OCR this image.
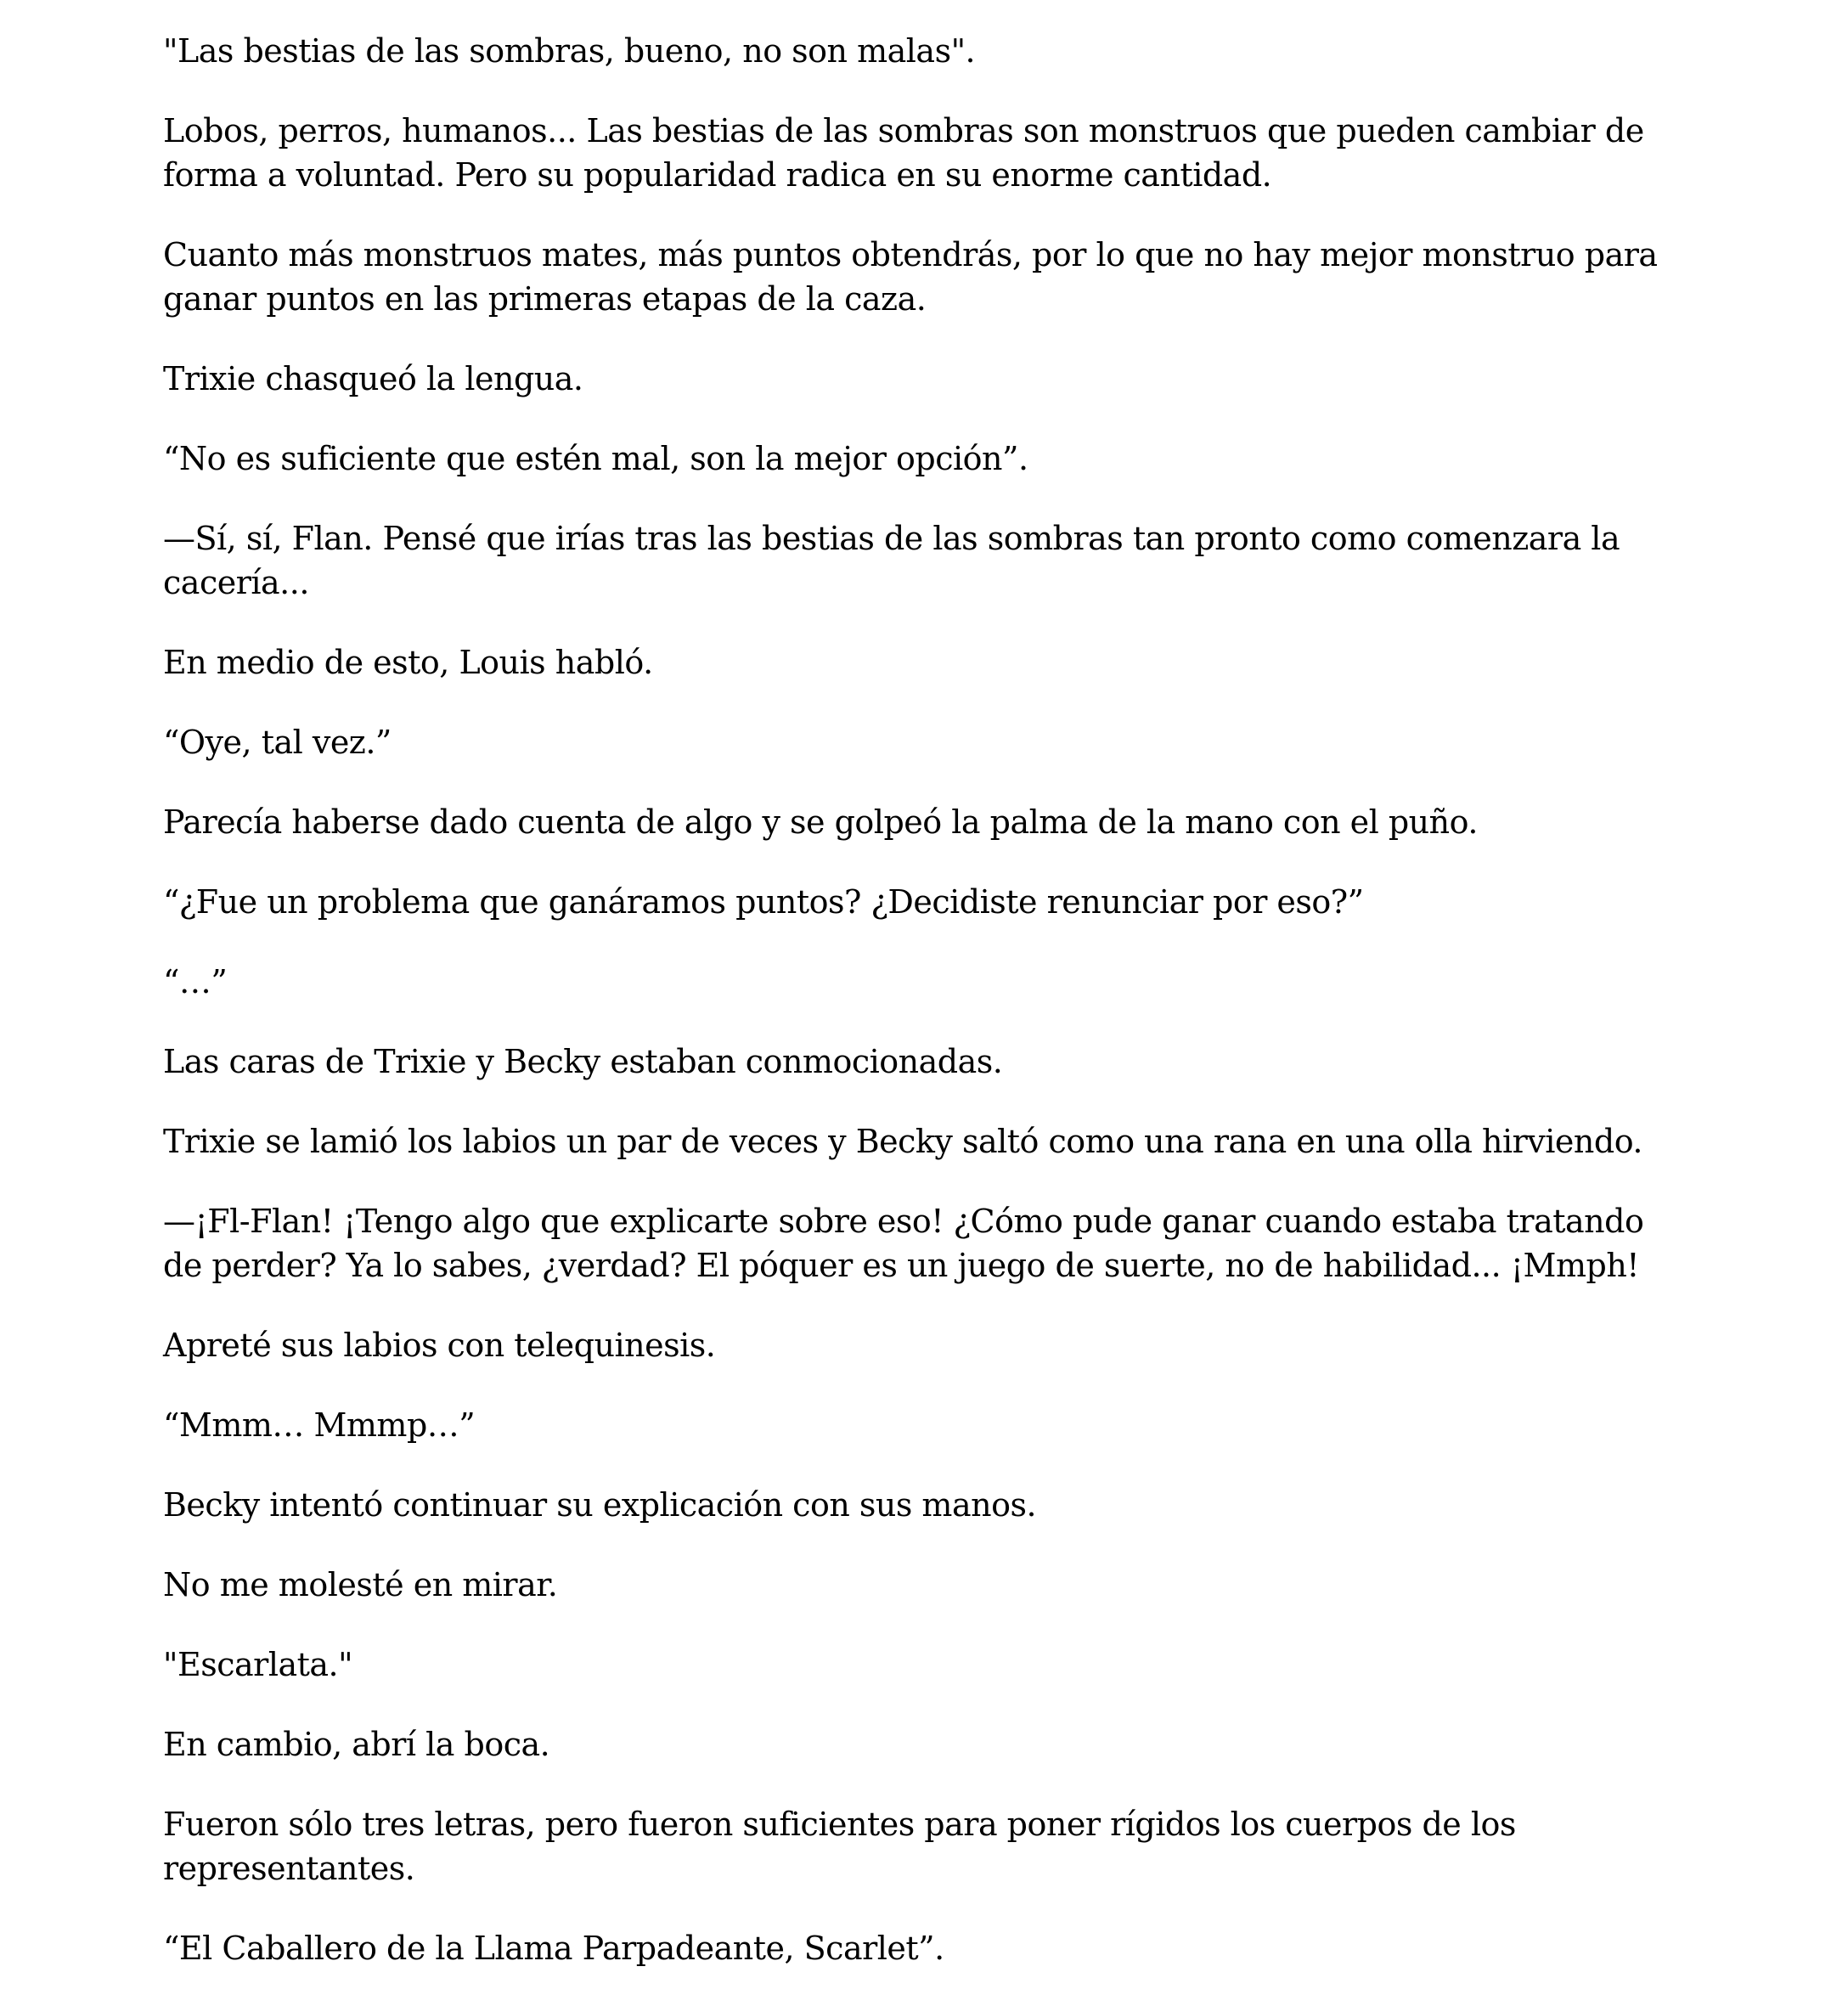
"Las bestias de las sombras, bueno, no son malas".

Lobos, perros, humanos... Las bestias de las sombras son monstruos que pueden cambiar de forma a voluntad. Pero su popularidad radica en su enorme cantidad.

Cuanto más monstruos mates, más puntos obtendrás, por lo que no hay mejor monstruo para ganar puntos en las primeras etapas de la caza.

Trixie chasqueó la lengua.

“No es suficiente que estén mal, son la mejor opción”.

—Sí, sí, Flan. Pensé que irías tras las bestias de las sombras tan pronto como comenzara la cacería...

En medio de esto, Louis habló.

“Oye, tal vez.”

Parecía haberse dado cuenta de algo y se golpeó la palma de la mano con el puño.

“¿Fue un problema que ganáramos puntos? ¿Decidiste renunciar por eso?”

“…”

Las caras de Trixie y Becky estaban conmocionadas.

Trixie se lamió los labios un par de veces y Becky saltó como una rana en una olla hirviendo.

—¡Fl-Flan! ¡Tengo algo que explicarte sobre eso! ¿Cómo pude ganar cuando estaba tratando de perder? Ya lo sabes, ¿verdad? El póquer es un juego de suerte, no de habilidad... ¡Mmph!

Apreté sus labios con telequinesis.

“Mmm… Mmmp…”

Becky intentó continuar su explicación con sus manos.

No me molesté en mirar.

"Escarlata."

En cambio, abrí la boca.

Fueron sólo tres letras, pero fueron suficientes para poner rígidos los cuerpos de los representantes.

“El Caballero de la Llama Parpadeante, Scarlet”.
